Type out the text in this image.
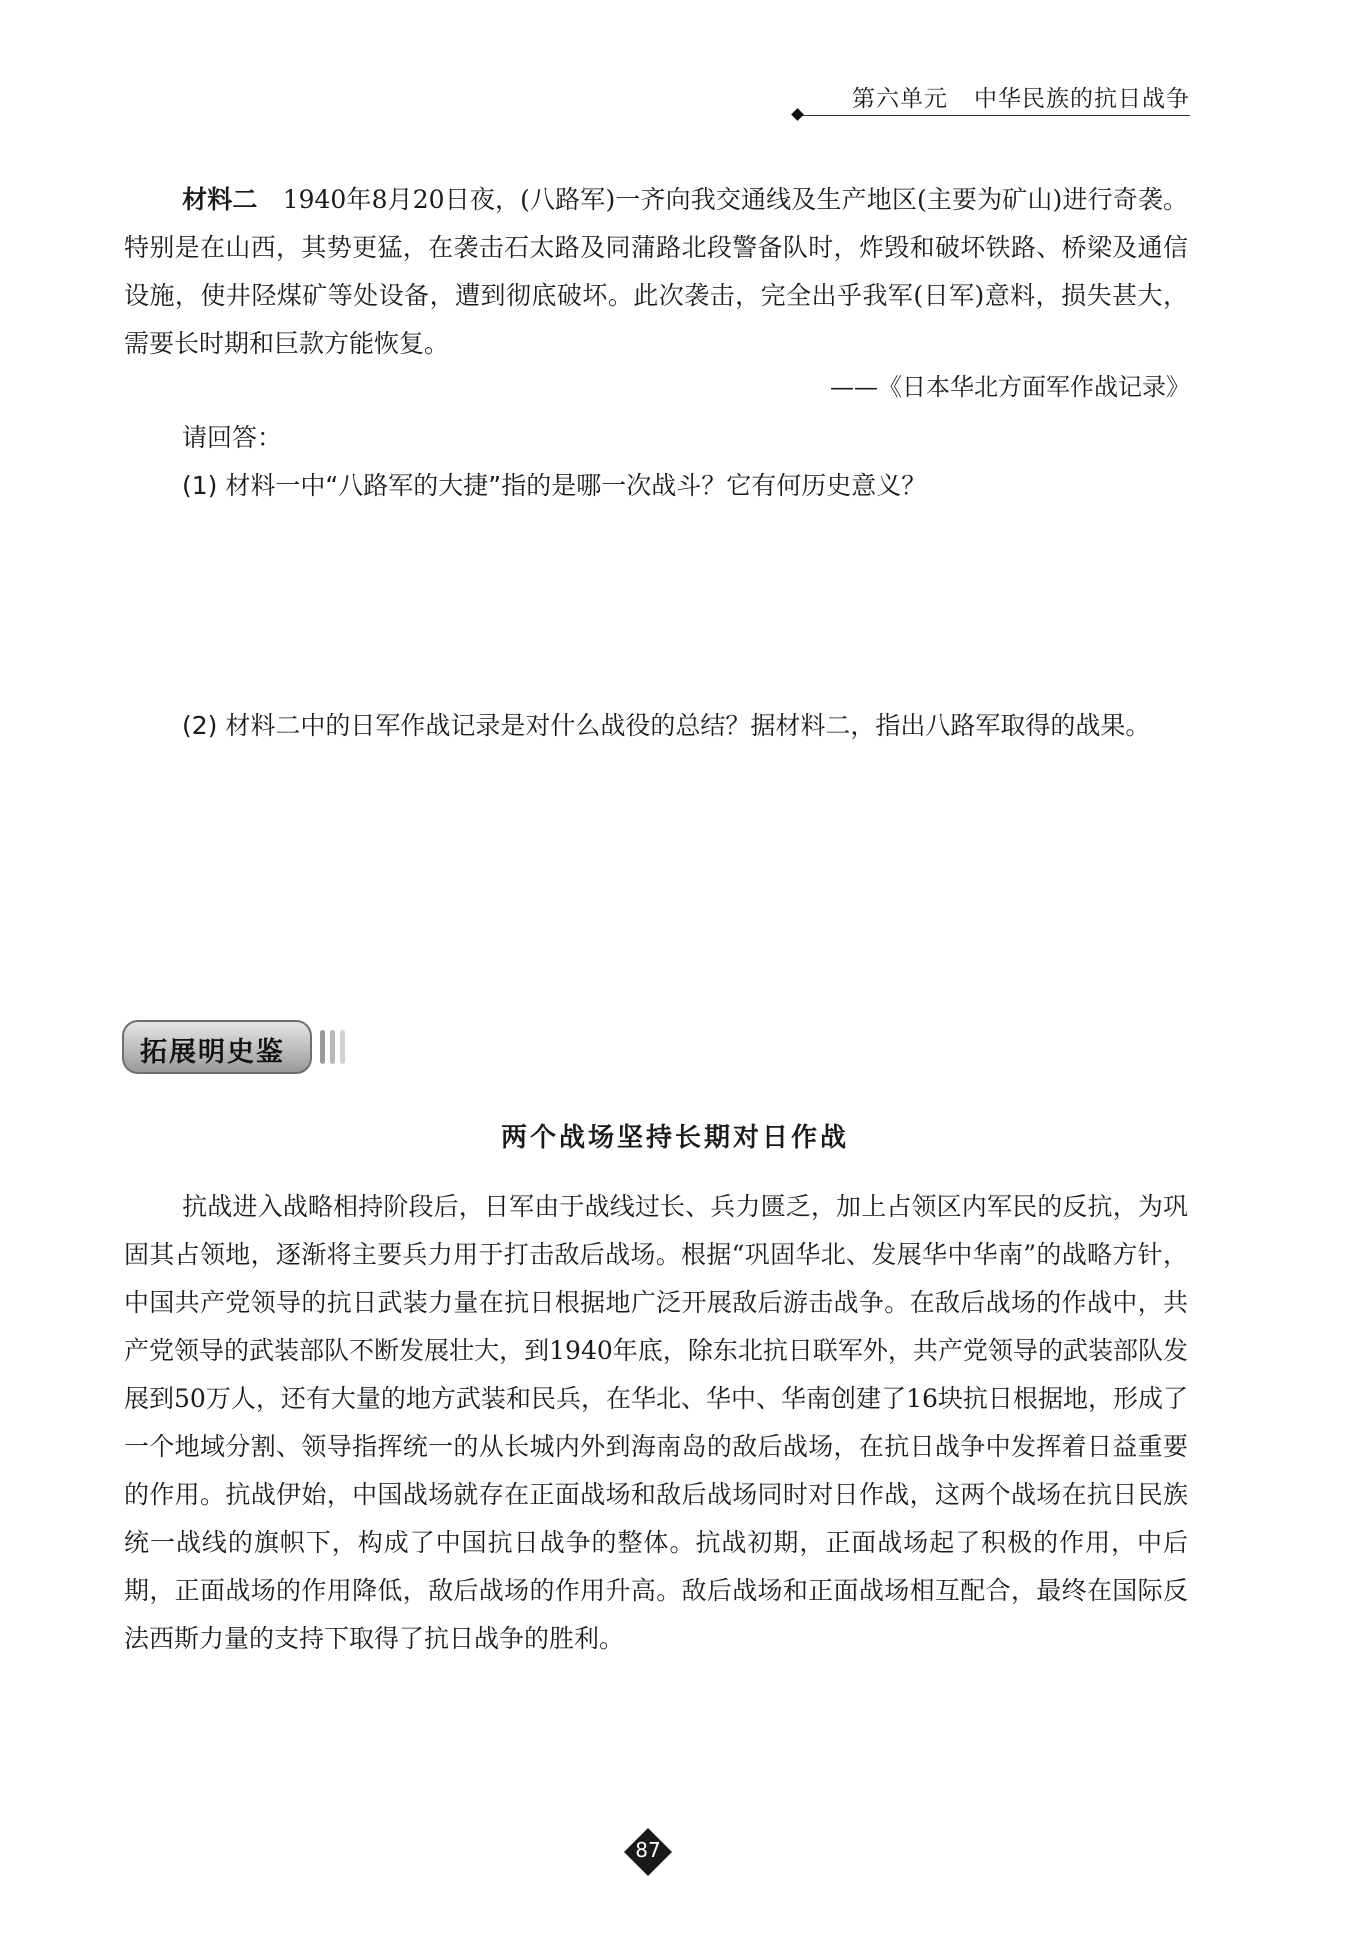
第六单元 中华民族的抗日战争

材料二　 1940年8月20日夜，(八路军)一齐向我交通线及生产地区(主要为矿山)进行奇袭。特别是在山西，其势更猛，在袭击石太路及同蒲路北段警备队时，炸毁和破坏铁路、桥梁及通信设施，使井陉煤矿等处设备，遭到彻底破坏。此次袭击，完全出乎我军(日军)意料，损失甚大，需要长时期和巨款方能恢复。

——《日本华北方面军作战记录》
请回答：

(1) 材料一中“八路军的大捷”指的是哪一次战斗？它有何历史意义？

(2) 材料二中的日军作战记录是对什么战役的总结？据材料二，指出八路军取得的战果。

拓展明史鉴
两个战场坚持长期对日作战

抗战进入战略相持阶段后，日军由于战线过长、兵力匮乏，加上占领区内军民的反抗，为巩固其占领地，逐渐将主要兵力用于打击敌后战场。根据“巩固华北、发展华中华南”的战略方针，中国共产党领导的抗日武装力量在抗日根据地广泛开展敌后游击战争。在敌后战场的作战中，共产党领导的武装部队不断发展壮大，到1940年底，除东北抗日联军外，共产党领导的武装部队发展到50万人，还有大量的地方武装和民兵，在华北、华中、华南创建了16块抗日根据地，形成了一个地域分割、领导指挥统一的从长城内外到海南岛的敌后战场，在抗日战争中发挥着日益重要的作用。抗战伊始，中国战场就存在正面战场和敌后战场同时对日作战，这两个战场在抗日民族统一战线的旗帜下，构成了中国抗日战争的整体。抗战初期，正面战场起了积极的作用，中后期，正面战场的作用降低，敌后战场的作用升高。敌后战场和正面战场相互配合，最终在国际反法西斯力量的支持下取得了抗日战争的胜利。

87
